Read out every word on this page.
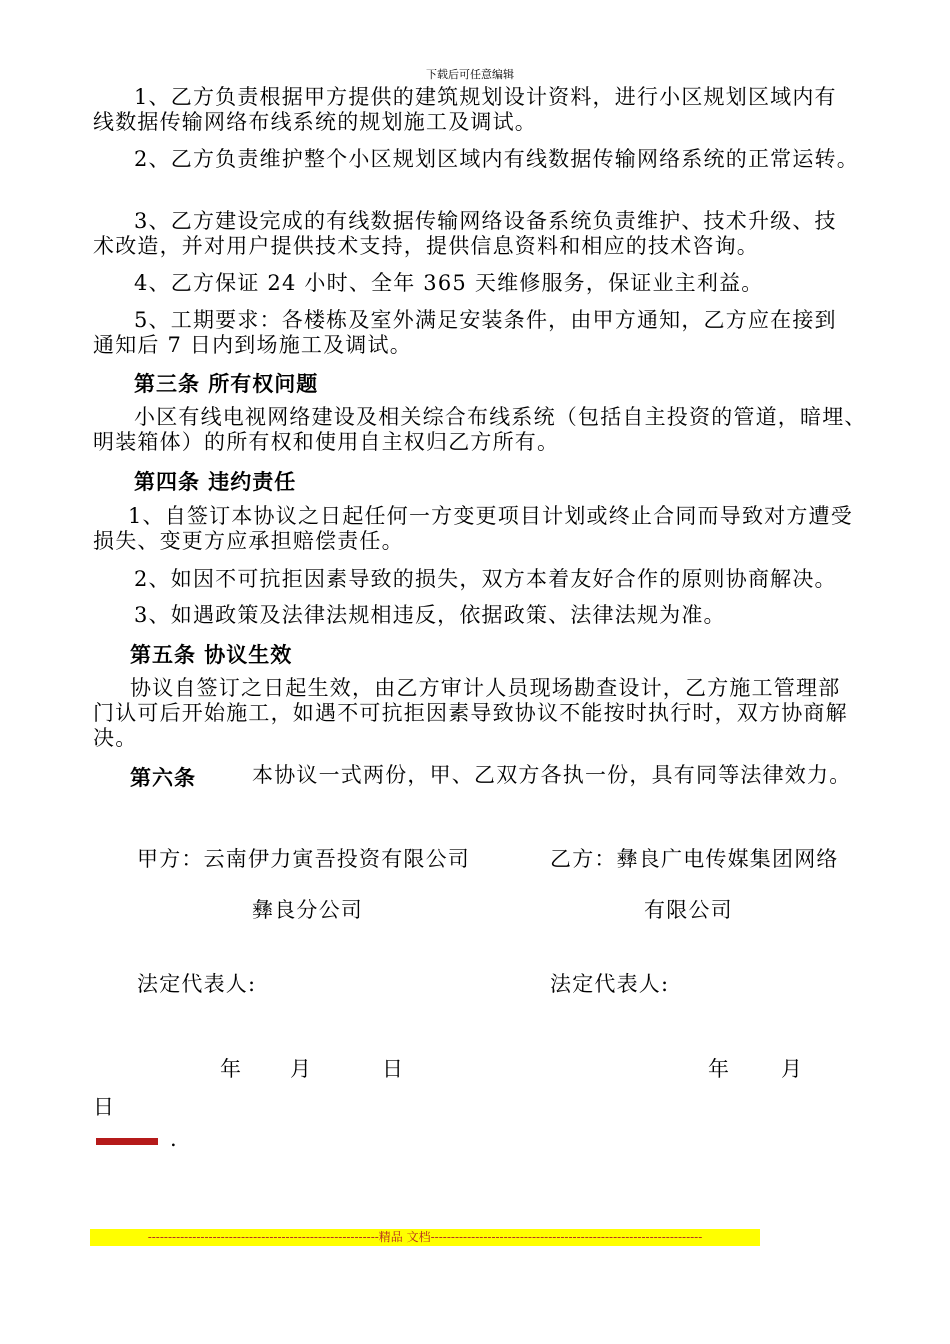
下载后可任意编辑
1、乙方负责根据甲方提供的建筑规划设计资料，进行小区规划区域内有
线数据传输网络布线系统的规划施工及调试。
2、乙方负责维护整个小区规划区域内有线数据传输网络系统的正常运转。
3、乙方建设完成的有线数据传输网络设备系统负责维护、技术升级、技
术改造，并对用户提供技术支持，提供信息资料和相应的技术咨询。
4、乙方保证 24 小时、全年 365 天维修服务，保证业主利益。
5、工期要求：各楼栋及室外满足安装条件，由甲方通知，乙方应在接到
通知后 7 日内到场施工及调试。
第三条 所有权问题
小区有线电视网络建设及相关综合布线系统（包括自主投资的管道，暗埋、
明装箱体）的所有权和使用自主权归乙方所有。
第四条 违约责任
1、自签订本协议之日起任何一方变更项目计划或终止合同而导致对方遭受
损失、变更方应承担赔偿责任。
2、如因不可抗拒因素导致的损失，双方本着友好合作的原则协商解决。
3、如遇政策及法律法规相违反，依据政策、法律法规为准。
第五条 协议生效
协议自签订之日起生效，由乙方审计人员现场勘查设计，乙方施工管理部
门认可后开始施工，如遇不可抗拒因素导致协议不能按时执行时，双方协商解
决。
第六条	本协议一式两份，甲、乙双方各执一份，具有同等法律效力。
甲方：云南伊力寅吾投资有限公司	乙方：彝良广电传媒集团网络
彝良分公司	有限公司
法定代表人:	法定代表人:
年 月	日	年 月
日
.
---------------------------------------------------------精品 文档-------------------------------------------------------------------
